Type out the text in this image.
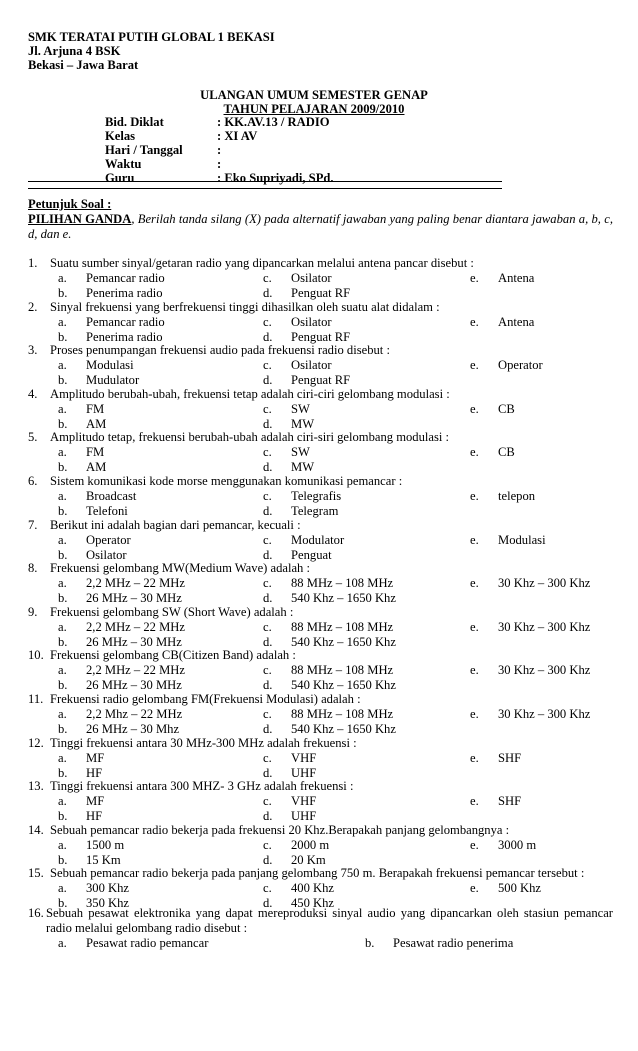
SMK TERATAI PUTIH GLOBAL 1 BEKASI
Jl. Arjuna 4 BSK
Bekasi – Jawa Barat
ULANGAN UMUM SEMESTER GENAP
TAHUN PELAJARAN 2009/2010
Bid. Diklat	: KK.AV.13 / RADIO
Kelas	: XI AV
Hari / Tanggal	:
Waktu	:
Guru	: Eko Supriyadi, SPd.
Petunjuk Soal :
PILIHAN GANDA, Berilah tanda silang (X) pada alternatif jawaban yang paling benar diantara jawaban a, b, c, d, dan e.
1. Suatu sumber sinyal/getaran radio yang dipancarkan melalui antena pancar disebut :
a. Pemancar radio	c. Osilator	e. Antena
b. Penerima radio	d. Penguat RF
2. Sinyal frekuensi yang berfrekuensi tinggi dihasilkan oleh suatu alat didalam :
a. Pemancar radio	c. Osilator	e. Antena
b. Penerima radio	d. Penguat RF
3. Proses penumpangan frekuensi audio pada frekuensi radio disebut :
a. Modulasi	c. Osilator	e. Operator
b. Mudulator	d. Penguat RF
4. Amplitudo berubah-ubah, frekuensi tetap adalah ciri-ciri gelombang modulasi :
a. FM	c. SW	e. CB
b. AM	d. MW
5. Amplitudo tetap, frekuensi berubah-ubah adalah ciri-siri gelombang modulasi :
a. FM	c. SW	e. CB
b. AM	d. MW
6. Sistem komunikasi kode morse menggunakan komunikasi pemancar :
a. Broadcast	c. Telegrafis	e. telepon
b. Telefoni	d. Telegram
7. Berikut ini adalah bagian dari pemancar, kecuali :
a. Operator	c. Modulator	e. Modulasi
b. Osilator	d. Penguat
8. Frekuensi gelombang MW(Medium Wave) adalah :
a. 2,2 MHz – 22 MHz	c. 88 MHz – 108 MHz	e. 30 Khz – 300 Khz
b. 26 MHz – 30 MHz	d. 540 Khz – 1650 Khz
9. Frekuensi gelombang SW (Short Wave) adalah :
a. 2,2 MHz – 22 MHz	c. 88 MHz – 108 MHz	e. 30 Khz – 300 Khz
b. 26 MHz – 30 MHz	d. 540 Khz – 1650 Khz
10. Frekuensi gelombang CB(Citizen Band) adalah :
a. 2,2 MHz – 22 MHz	c. 88 MHz – 108 MHz	e. 30 Khz – 300 Khz
b. 26 MHz – 30 MHz	d. 540 Khz – 1650 Khz
11. Frekuensi radio gelombang FM(Frekuensi Modulasi) adalah :
a. 2,2 Mhz – 22 MHz	c. 88 MHz – 108 MHz	e. 30 Khz – 300 Khz
b. 26 MHz – 30 Mhz	d. 540 Khz – 1650 Khz
12. Tinggi frekuensi antara 30 MHz-300 MHz adalah frekuensi :
a. MF	c. VHF	e. SHF
b. HF	d. UHF
13. Tinggi frekuensi antara 300 MHZ- 3 GHz adalah frekuensi :
a. MF	c. VHF	e. SHF
b. HF	d. UHF
14. Sebuah pemancar radio bekerja pada frekuensi 20 Khz.Berapakah panjang gelombangnya :
a. 1500 m	c. 2000 m	e. 3000 m
b. 15 Km	d. 20 Km
15. Sebuah pemancar radio bekerja pada panjang gelombang 750 m. Berapakah frekuensi pemancar tersebut :
a. 300 Khz	c. 400 Khz	e. 500 Khz
b. 350 Khz	d. 450 Khz
16. Sebuah pesawat elektronika yang dapat mereproduksi sinyal audio yang dipancarkan oleh stasiun pemancar radio melalui gelombang radio disebut :
a. Pesawat radio pemancar	b. Pesawat radio penerima
